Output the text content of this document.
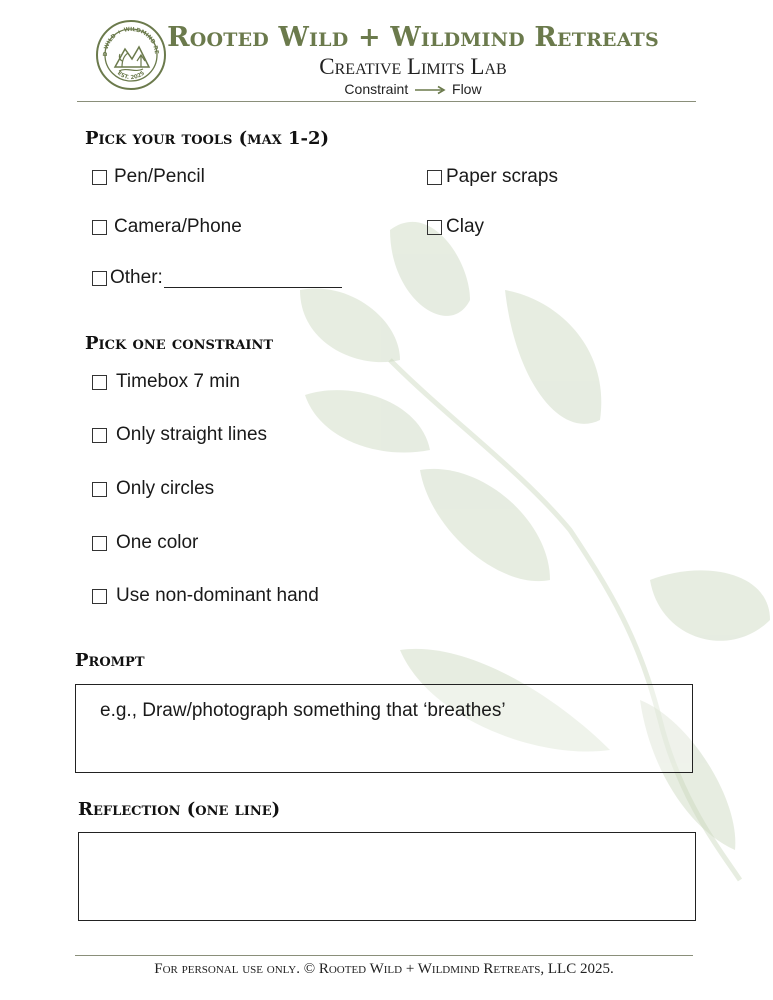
D WILD + WILDMIND RE
EST. 2025
Rooted Wild + Wildmind Retreats
Creative Limits Lab
Constraint	Flow
Pick your tools (max 1-2)
Pen/Pencil	Paper scraps
Camera/Phone	Clay
Other:
Pick one constraint
Timebox 7 min
Only straight lines
Only circles
One color
Use non-dominant hand
Prompt
e.g., Draw/photograph something that ‘breathes’
Reflection (one line)
For personal use only. © Rooted Wild + Wildmind Retreats, LLC 2025.
